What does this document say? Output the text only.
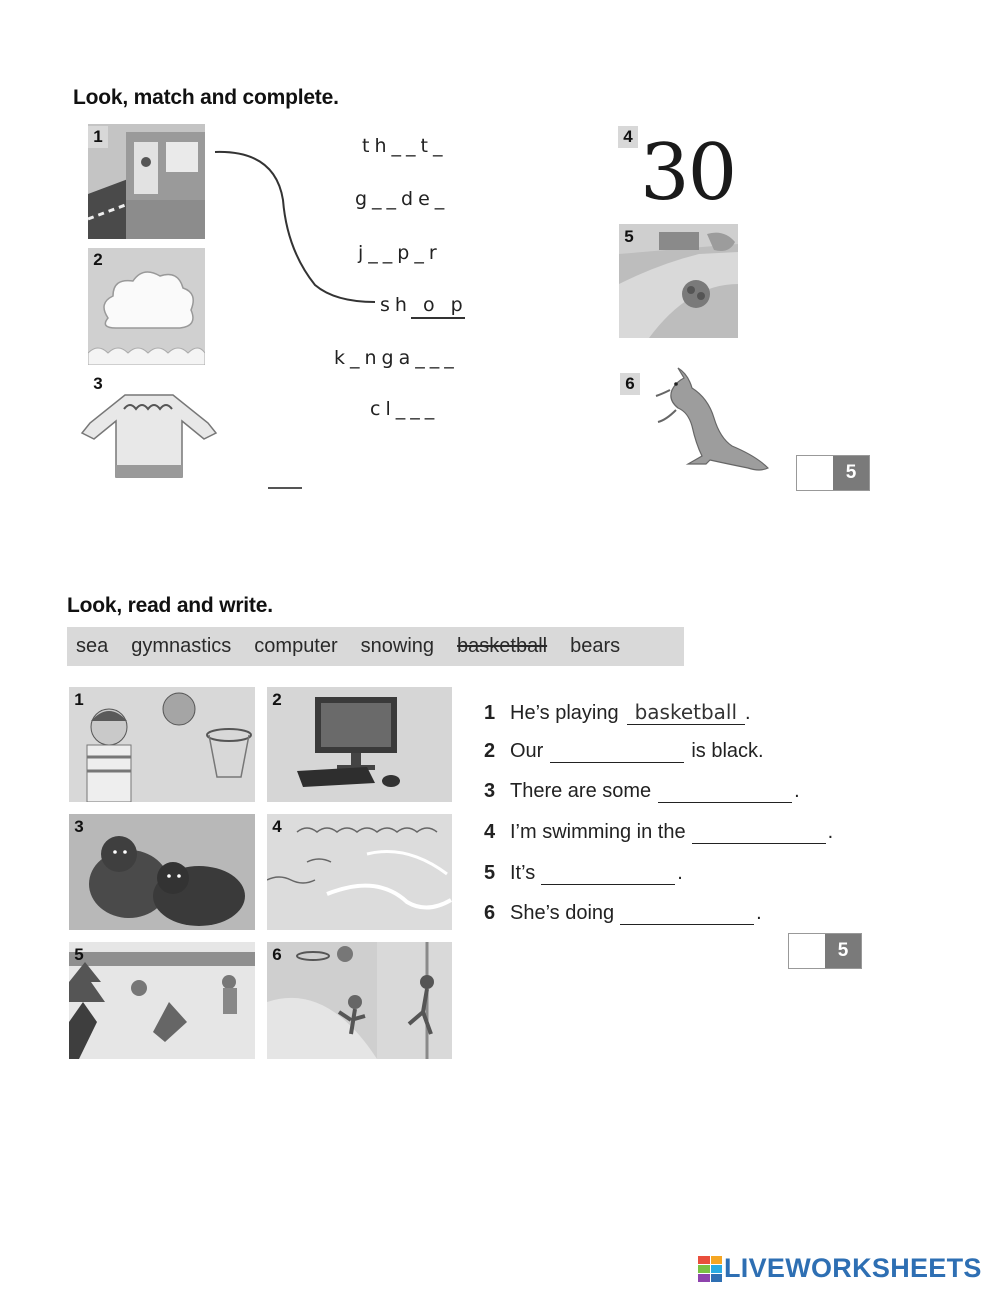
Look, match and complete.
1
2
3
th__t_
g__de_
j__p_r
sh o p
k_nga___
cl___
4 30
5
6
5
Look, read and write.
sea gymnastics computer snowing basketball bears
1	2
3	4
5	6
1 He’s playing basketball .
2 Our	is black.
3 There are some	.
4 I’m swimming in the	.
5 It’s	.
6 She’s doing	.
5
LIVEWORKSHEETS
